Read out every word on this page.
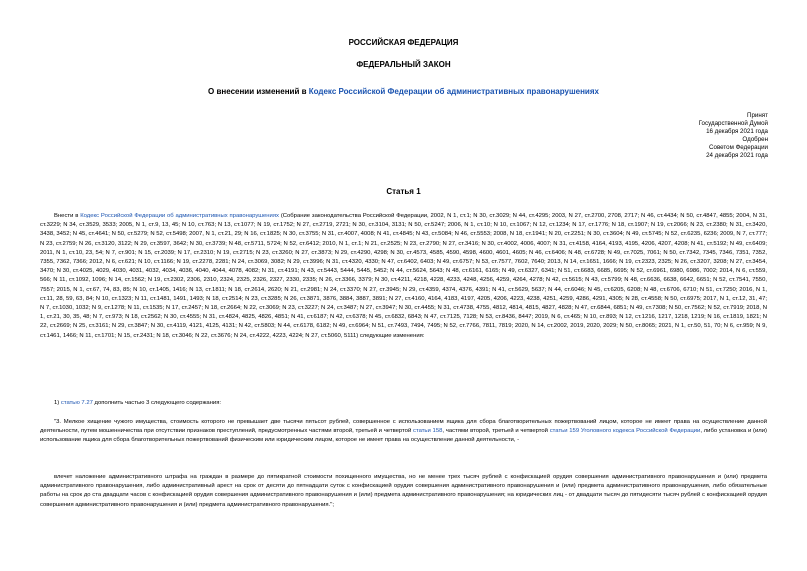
РОССИЙСКАЯ ФЕДЕРАЦИЯ
ФЕДЕРАЛЬНЫЙ ЗАКОН
О внесении изменений в Кодекс Российской Федерации об административных правонарушениях
Принят
Государственной Думой
16 декабря 2021 года
Одобрен
Советом Федерации
24 декабря 2021 года
Статья 1
Внести в Кодекс Российской Федерации об административных правонарушениях (Собрание законодательства Российской Федерации, 2002, N 1, ст.1; N 30, ст.3029; N 44, ст.4295; 2003, N 27, ст.2700, 2708, 2717; N 46, ст.4434; N 50, ст.4847, 4855; 2004, N 31, ст.3229; N 34, ст.3529, 3533; 2005, N 1, ст.9, 13, 45; N 10, ст.763; N 13, ст.1077; N 19, ст.1752; N 27, ст.2719, 2721; N 30, ст.3104, 3131; N 50, ст.5247; 2006, N 1, ст.10; N 10, ст.1067; N 12, ст.1234; N 17, ст.1776; N 18, ст.1907; N 19, ст.2066; N 23, ст.2380; N 31, ст.3420, 3438, 3452; N 45, ст.4641; N 50, ст.5279; N 52, ст.5498; 2007, N 1, ст.21, 29; N 16, ст.1825; N 30, ст.3755; N 31, ст.4007, 4008; N 41, ст.4845; N 43, ст.5084; N 46, ст.5553; 2008, N 18, ст.1941; N 20, ст.2251; N 30, ст.3604; N 49, ст.5745; N 52, ст.6235, 6236; 2009, N 7, ст.777; N 23, ст.2759; N 26, ст.3120, 3122; N 29, ст.3597, 3642; N 30, ст.3739; N 48, ст.5711, 5724; N 52, ст.6412; 2010, N 1, ст.1; N 21, ст.2525; N 23, ст.2790; N 27, ст.3416; N 30, ст.4002, 4006, 4007; N 31, ст.4158, 4164, 4193, 4195, 4206, 4207, 4208; N 41, ст.5192; N 49, ст.6409; 2011, N 1, ст.10, 23, 54; N 7, ст.901; N 15, ст.2039; N 17, ст.2310; N 19, ст.2715; N 23, ст.3260; N 27, ст.3873; N 29, ст.4290, 4298; N 30, ст.4573, 4585, 4590, 4598, 4600, 4601, 4605; N 46, ст.6406; N 48, ст.6728; N 49, ст.7025, 7061; N 50, ст.7342, 7345, 7346, 7351, 7352, 7355, 7362, 7366; 2012, N 6, ст.621; N 10, ст.1166; N 19, ст.2278, 2281; N 24, ст.3069, 3082; N 29, ст.3996; N 31, ст.4320, 4330; N 47, ст.6402, 6403; N 49, ст.6757; N 53, ст.7577, 7602, 7640; 2013, N 14, ст.1651, 1666; N 19, ст.2323, 2325; N 26, ст.3207, 3208; N 27, ст.3454, 3470; N 30, ст.4025, 4029, 4030, 4031, 4032, 4034, 4036, 4040, 4044, 4078, 4082; N 31, ст.4191; N 43, ст.5443, 5444, 5445, 5452; N 44, ст.5624, 5643; N 48, ст.6161, 6165; N 49, ст.6327, 6341; N 51, ст.6683, 6685, 6695; N 52, ст.6961, 6980, 6986, 7002; 2014, N 6, ст.559, 566; N 11, ст.1092, 1096; N 14, ст.1562; N 19, ст.2302, 2306, 2310, 2324, 2325, 2326, 2327, 2330, 2335; N 26, ст.3366, 3379; N 30, ст.4211, 4218, 4228, 4233, 4248, 4256, 4259, 4264, 4278; N 42, ст.5615; N 43, ст.5799; N 48, ст.6636, 6638, 6642, 6651; N 52, ст.7541, 7550, 7557; 2015, N 1, ст.67, 74, 83, 85; N 10, ст.1405, 1416; N 13, ст.1811; N 18, ст.2614, 2620; N 21, ст.2981; N 24, ст.3370; N 27, ст.3945; N 29, ст.4359, 4374, 4376, 4391; N 41, ст.5629, 5637; N 44, ст.6046; N 45, ст.6205, 6208; N 48, ст.6706, 6710; N 51, ст.7250; 2016, N 1, ст.11, 28, 59, 63, 84; N 10, ст.1323; N 11, ст.1481, 1491, 1493; N 18, ст.2514; N 23, ст.3285; N 26, ст.3871, 3876, 3884, 3887, 3891; N 27, ст.4160, 4164, 4183, 4197, 4205, 4206, 4223, 4238, 4251, 4259, 4286, 4291, 4305; N 28, ст.4558; N 50, ст.6975; 2017, N 1, ст.12, 31, 47; N 7, ст.1030, 1032; N 9, ст.1278; N 11, ст.1535; N 17, ст.2457; N 18, ст.2664; N 22, ст.3069; N 23, ст.3227; N 24, ст.3487; N 27, ст.3947; N 30, ст.4455; N 31, ст.4738, 4755, 4812, 4814, 4815, 4827, 4828; N 47, ст.6844, 6851; N 49, ст.7308; N 50, ст.7562; N 52, ст.7919; 2018, N 1, ст.21, 30, 35, 48; N 7, ст.973; N 18, ст.2562; N 30, ст.4555; N 31, ст.4824, 4825, 4826, 4851; N 41, ст.6187; N 42, ст.6378; N 45, ст.6832, 6843; N 47, ст.7125, 7128; N 53, ст.8436, 8447; 2019, N 6, ст.465; N 10, ст.893; N 12, ст.1216, 1217, 1218, 1219; N 16, ст.1819, 1821; N 22, ст.2669; N 25, ст.3161; N 29, ст.3847; N 30, ст.4119, 4121, 4125, 4131; N 42, ст.5803; N 44, ст.6178, 6182; N 49, ст.6964; N 51, ст.7493, 7494, 7495; N 52, ст.7766, 7811, 7819; 2020, N 14, ст.2002, 2019, 2020, 2029; N 50, ст.8065; 2021, N 1, ст.50, 51, 70; N 6, ст.959; N 9, ст.1461, 1466; N 11, ст.1701; N 15, ст.2431; N 18, ст.3046; N 22, ст.3676; N 24, ст.4222, 4223, 4224; N 27, ст.5060, 5111) следующие изменения:
1) статью 7.27 дополнить частью 3 следующего содержания:
"3. Мелкое хищение чужого имущества, стоимость которого не превышает две тысячи пятьсот рублей, совершенное с использованием ящика для сбора благотворительных пожертвований лицом, которое не имеет права на осуществление данной деятельности, путем мошенничества при отсутствии признаков преступлений, предусмотренных частями второй, третьей и четвертой статьи 158, частями второй, третьей и четвертой статьи 159 Уголовного кодекса Российской Федерации, либо установка и (или) использование ящика для сбора благотворительных пожертвований физическим или юридическим лицом, которое не имеет права на осуществление данной деятельности, -
влечет наложение административного штрафа на граждан в размере до пятикратной стоимости похищенного имущества, но не менее трех тысяч рублей с конфискацией орудия совершения административного правонарушения и (или) предмета административного правонарушения, либо административный арест на срок от десяти до пятнадцати суток с конфискацией орудия совершения административного правонарушения и (или) предмета административного правонарушения, либо обязательные работы на срок до ста двадцати часов с конфискацией орудия совершения административного правонарушения и (или) предмета административного правонарушения; на юридических лиц - от двадцати тысяч до пятидесяти тысяч рублей с конфискацией орудия совершения административного правонарушения и (или) предмета административного правонарушения.";
